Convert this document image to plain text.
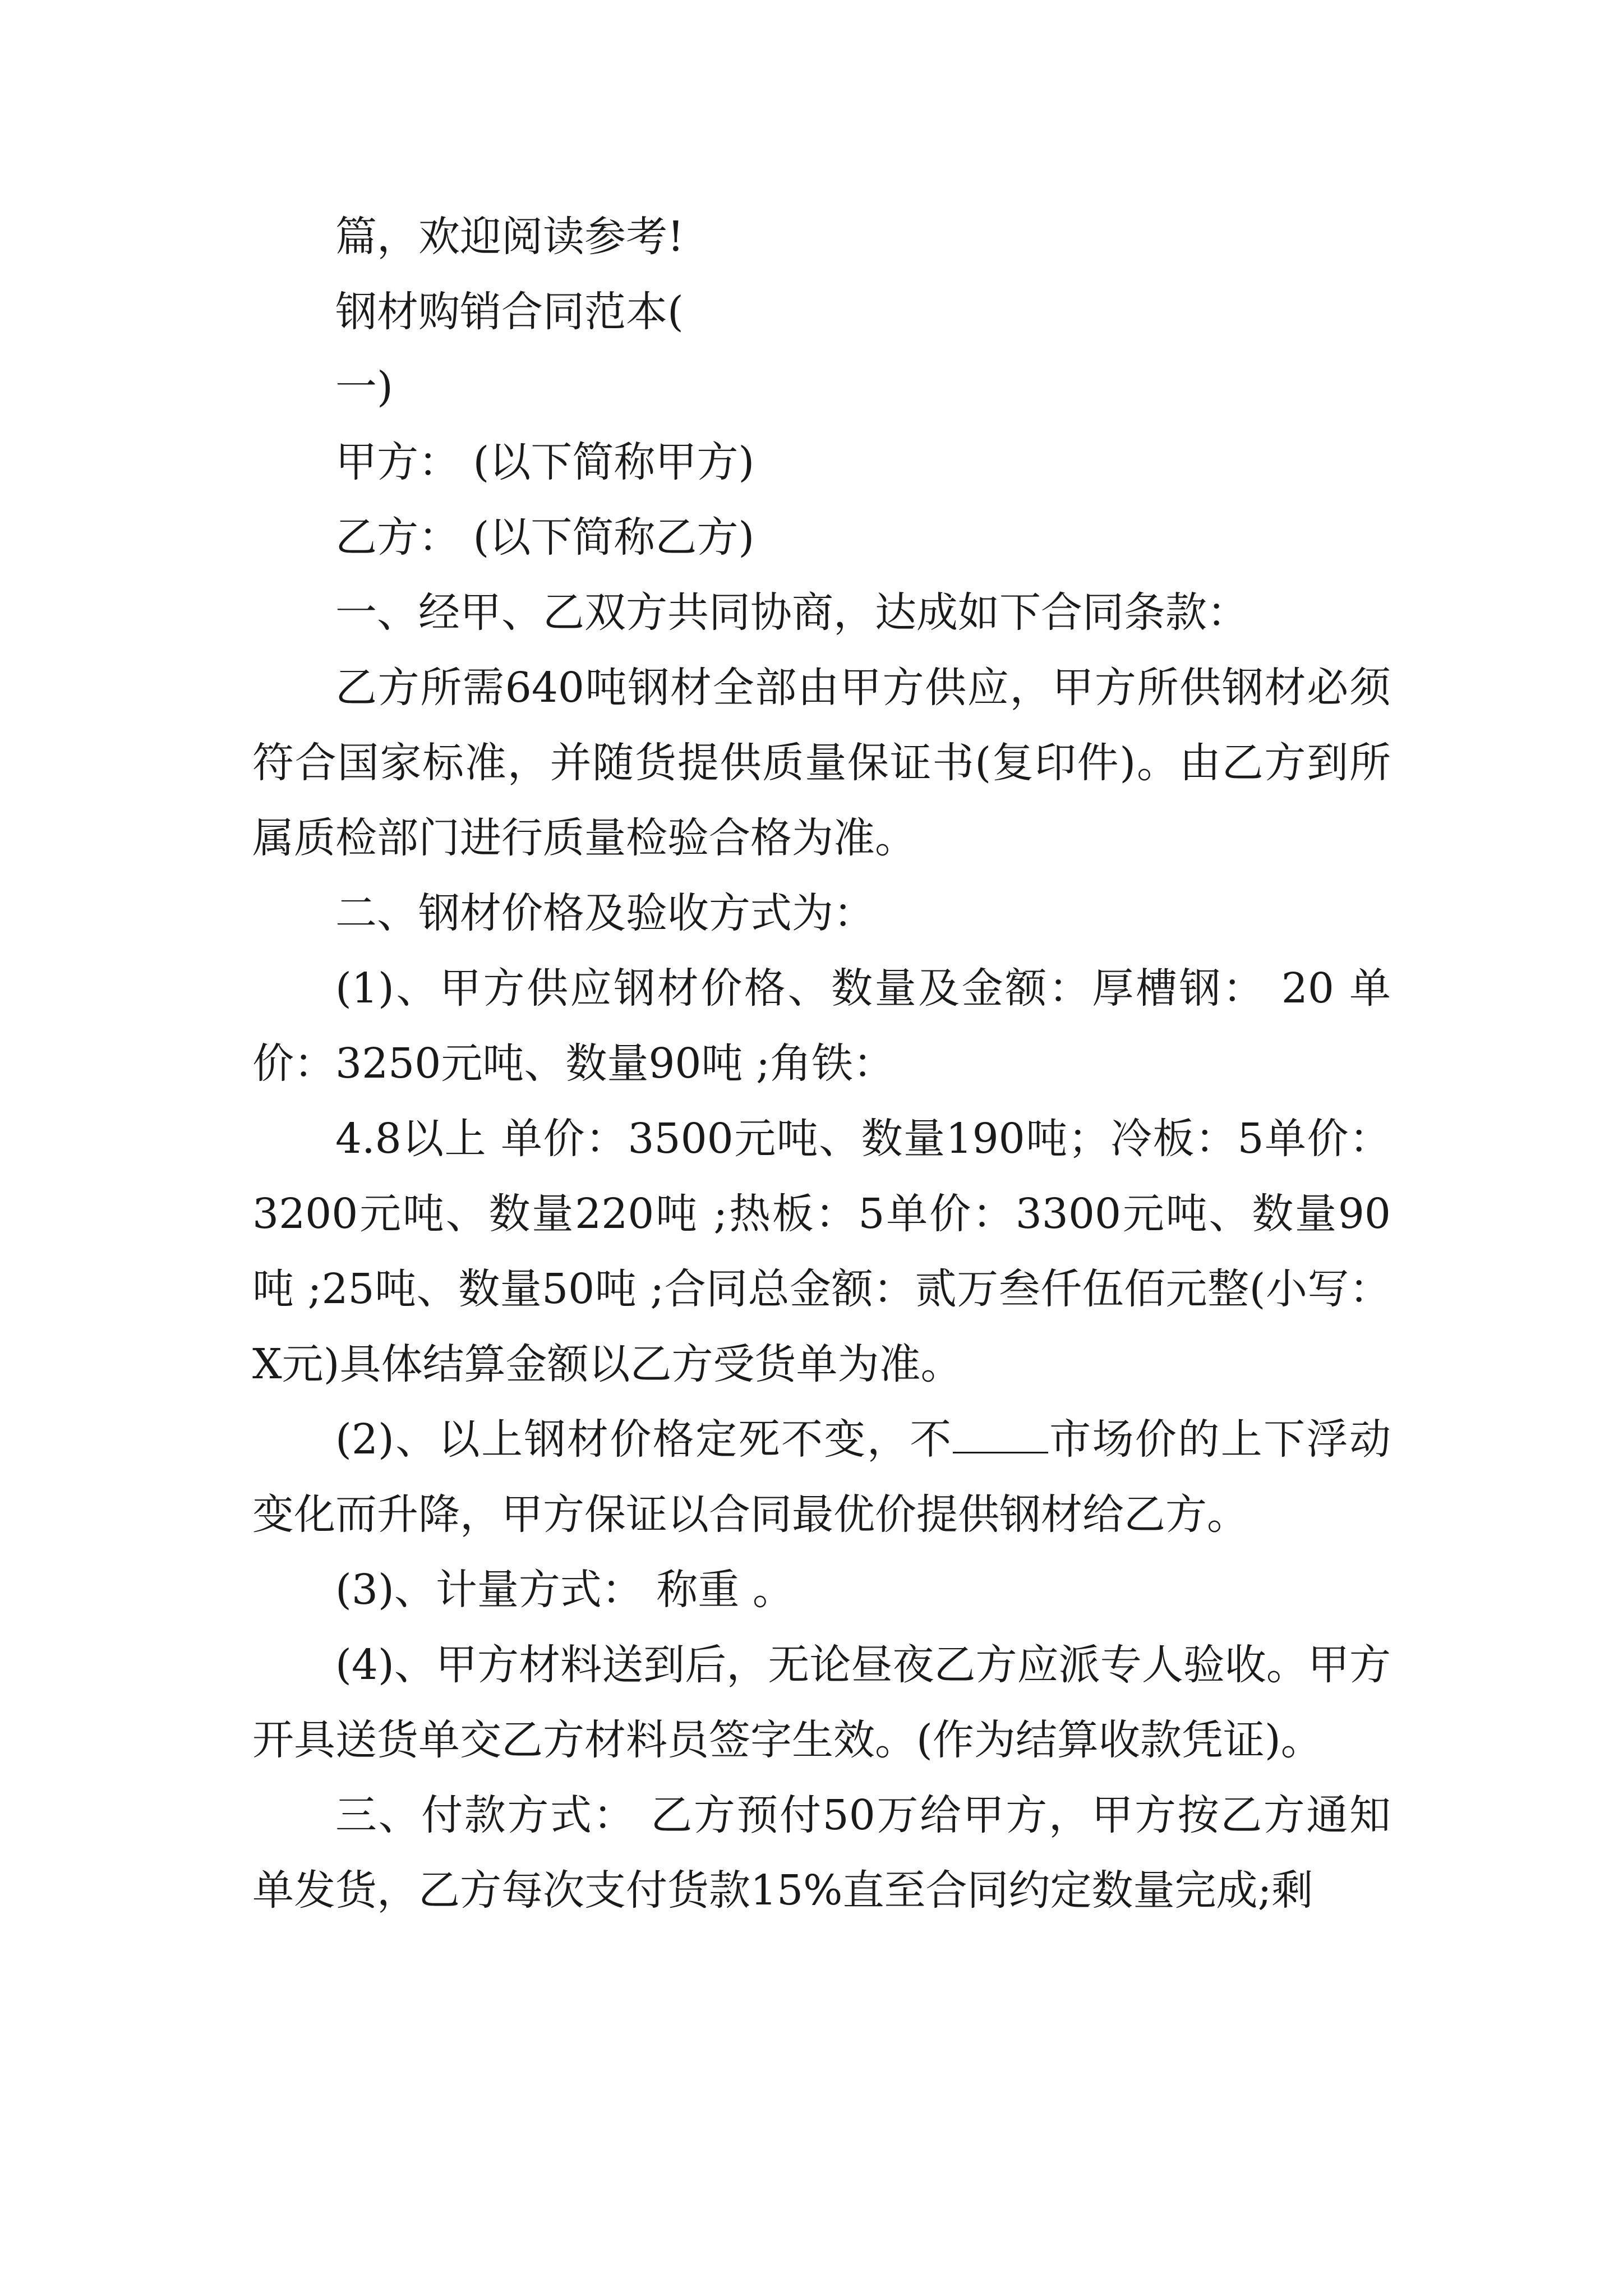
篇，欢迎阅读参考!

钢材购销合同范本(

一)

甲方： (以下简称甲方)

乙方： (以下简称乙方)

一、经甲、乙双方共同协商，达成如下合同条款：

乙方所需640吨钢材全部由甲方供应，甲方所供钢材必须符合国家标准，并随货提供质量保证书(复印件)。由乙方到所属质检部门进行质量检验合格为准。

二、钢材价格及验收方式为：

(1)、甲方供应钢材价格、数量及金额：厚槽钢： 20 单价：3250元吨、数量90吨 ;角铁：

4.8以上 单价：3500元吨、数量190吨；冷板：5单价：3200元吨、数量220吨 ;热板：5单价：3300元吨、数量90吨 ;25吨、数量50吨 ;合同总金额：贰万叁仟伍佰元整(小写：X元)具体结算金额以乙方受货单为准。

(2)、以上钢材价格定死不变，不 市场价的上下浮动变化而升降，甲方保证以合同最优价提供钢材给乙方。

(3)、计量方式： 称重 。

(4)、甲方材料送到后，无论昼夜乙方应派专人验收。甲方开具送货单交乙方材料员签字生效。(作为结算收款凭证)。

三、付款方式： 乙方预付50万给甲方，甲方按乙方通知单发货，乙方每次支付货款15%直至合同约定数量完成;剩
